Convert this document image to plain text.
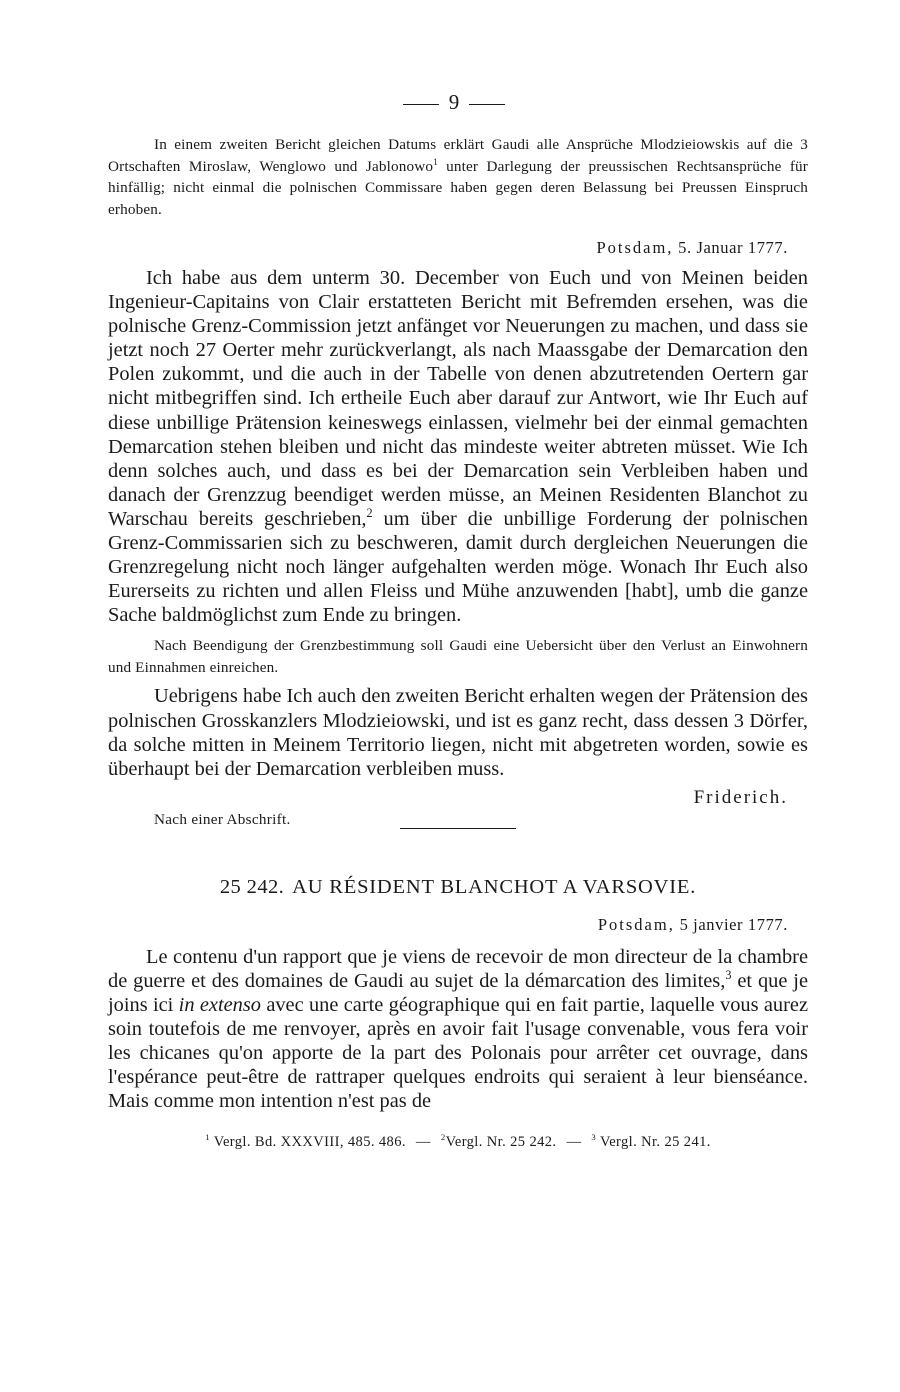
9

In einem zweiten Bericht gleichen Datums erklärt Gaudi alle Ansprüche Mlodzieiowskis auf die 3 Ortschaften Miroslaw, Wenglowo und Jablonowo$^1$ unter Darlegung der preussischen Rechtsansprüche für hinfällig; nicht einmal die polnischen Commissare haben gegen deren Belassung bei Preussen Einspruch erhoben.

Potsdam, 5. Januar 1777.

Ich habe aus dem unterm 30. December von Euch und von Meinen beiden Ingenieur-Capitains von Clair erstatteten Bericht mit Befremden ersehen, was die polnische Grenz-Commission jetzt anfänget vor Neuerungen zu machen, und dass sie jetzt noch 27 Oerter mehr zurückverlangt, als nach Maassgabe der Demarcation den Polen zukommt, und die auch in der Tabelle von denen abzutretenden Oertern gar nicht mitbegriffen sind. Ich ertheile Euch aber darauf zur Antwort, wie Ihr Euch auf diese unbillige Prätension keineswegs einlassen, vielmehr bei der einmal gemachten Demarcation stehen bleiben und nicht das mindeste weiter abtreten müsset. Wie Ich denn solches auch, und dass es bei der Demarcation sein Verbleiben haben und danach der Grenzzug beendiget werden müsse, an Meinen Residenten Blanchot zu Warschau bereits geschrieben,$^2$ um über die unbillige Forderung der polnischen Grenz-Commissarien sich zu beschweren, damit durch dergleichen Neuerungen die Grenzregelung nicht noch länger aufgehalten werden möge. Wonach Ihr Euch also Eurerseits zu richten und allen Fleiss und Mühe anzuwenden [habt], umb die ganze Sache baldmöglichst zum Ende zu bringen.

Nach Beendigung der Grenzbestimmung soll Gaudi eine Uebersicht über den Verlust an Einwohnern und Einnahmen einreichen.

Uebrigens habe Ich auch den zweiten Bericht erhalten wegen der Prätension des polnischen Grosskanzlers Mlodzieiowski, und ist es ganz recht, dass dessen 3 Dörfer, da solche mitten in Meinem Territorio liegen, nicht mit abgetreten worden, sowie es überhaupt bei der Demarcation verbleiben muss.

Friderich.
Nach einer Abschrift.
25 242. AU RÉSIDENT BLANCHOT A VARSOVIE.
Potsdam, 5 janvier 1777.

Le contenu d'un rapport que je viens de recevoir de mon directeur de la chambre de guerre et des domaines de Gaudi au sujet de la démarcation des limites,$^3$ et que je joins ici in extenso avec une carte géographique qui en fait partie, laquelle vous aurez soin toutefois de me renvoyer, après en avoir fait l'usage convenable, vous fera voir les chicanes qu'on apporte de la part des Polonais pour arrêter cet ouvrage, dans l'espérance peut-être de rattraper quelques endroits qui seraient à leur bienséance. Mais comme mon intention n'est pas de

$^1$ Vergl. Bd. XXXVIII, 485. 486. — $^2$Vergl. Nr. 25 242. — $^3$ Vergl. Nr. 25 241.
